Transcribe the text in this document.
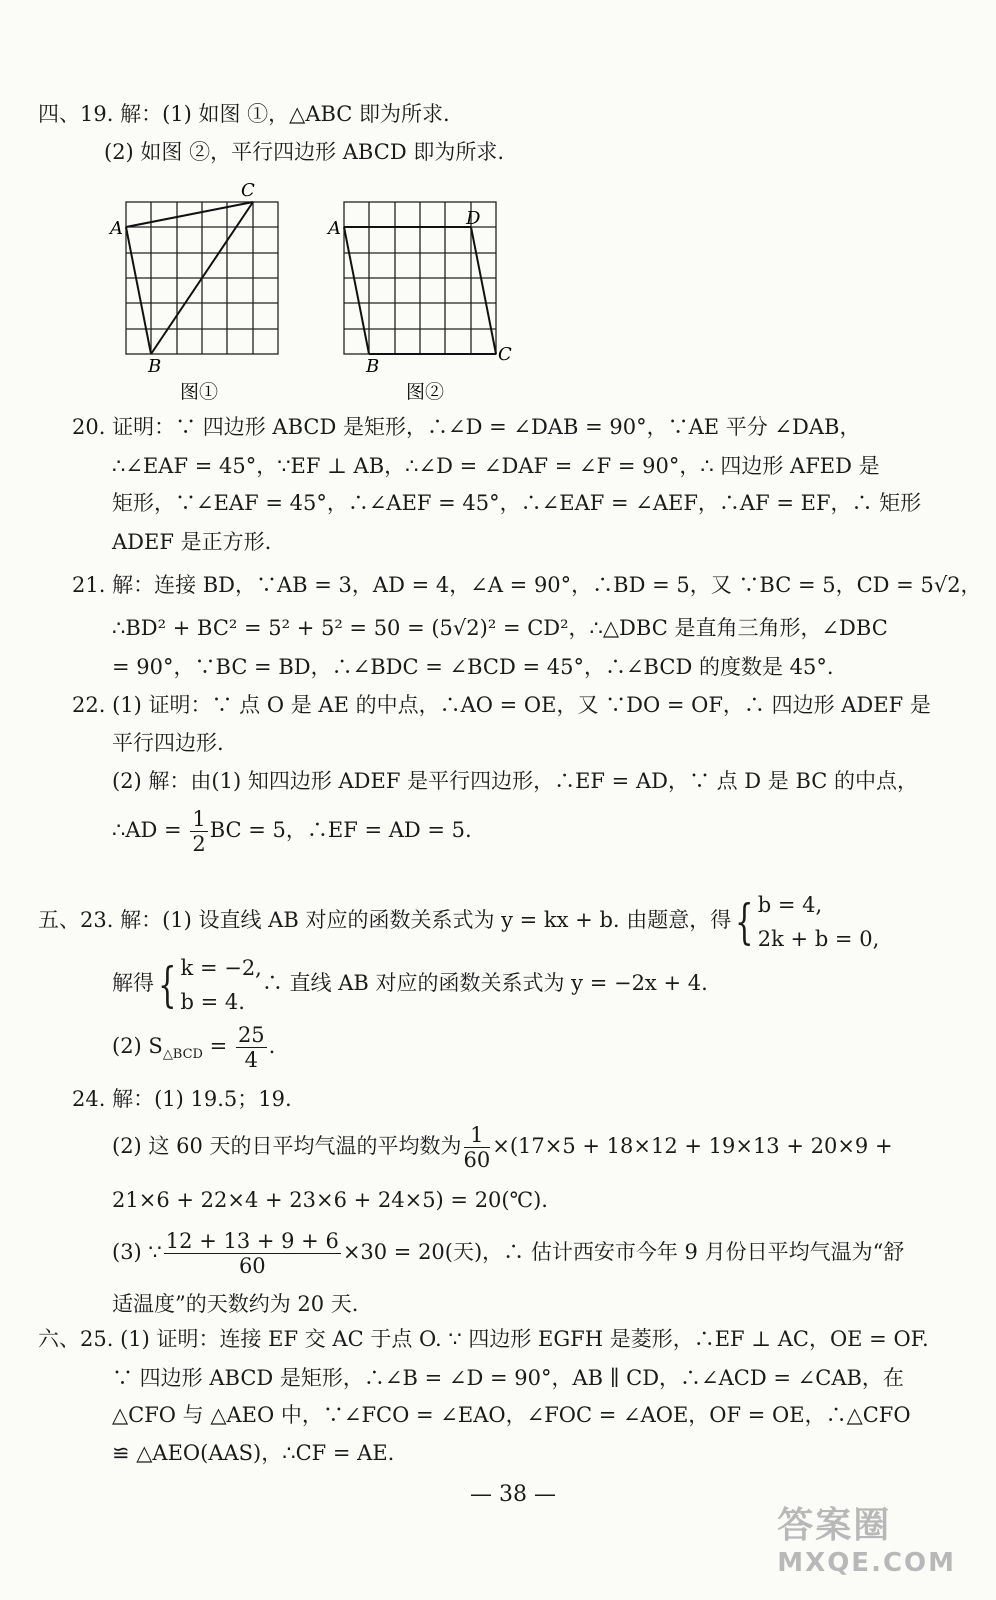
四、19. 解：(1) 如图 ①，△ABC 即为所求.
(2) 如图 ②，平行四边形 ABCD 即为所求.
A
C
B
图①
A	D
B
C
图②
20. 证明：∵ 四边形 ABCD 是矩形，∴∠D = ∠DAB = 90°，∵AE 平分 ∠DAB，
∴∠EAF = 45°，∵EF ⊥ AB，∴∠D = ∠DAF = ∠F = 90°，∴ 四边形 AFED 是
矩形，∵∠EAF = 45°，∴∠AEF = 45°，∴∠EAF = ∠AEF，∴AF = EF，∴ 矩形
ADEF 是正方形.
21. 解：连接 BD，∵AB = 3，AD = 4，∠A = 90°，∴BD = 5，又 ∵BC = 5，CD = 5√2，
∴BD² + BC² = 5² + 5² = 50 = (5√2)² = CD²，∴△DBC 是直角三角形，∠DBC
= 90°，∵BC = BD，∴∠BDC = ∠BCD = 45°，∴∠BCD 的度数是 45°.
22. (1) 证明：∵ 点 O 是 AE 的中点，∴AO = OE，又 ∵DO = OF，∴ 四边形 ADEF 是
平行四边形.
(2) 解：由(1) 知四边形 ADEF 是平行四边形，∴EF = AD，∵ 点 D 是 BC 的中点，
∴AD = $\frac{1}{2}$ BC = 5，∴EF = AD = 5.
五、23. 解：(1) 设直线 AB 对应的函数关系式为 y = kx + b. 由题意，得{ b = 4,
2k + b = 0,
解得{ k = −2,
b = 4.
∴ 直线 AB 对应的函数关系式为 y = −2x + 4.
(2) $S_{\triangle BCD} = \frac{25}{4}$ .
24. 解：(1) 19.5；19.
(2) 这 60 天的日平均气温的平均数为 $\frac{1}{60} \times(17\times 5 + 18\times 12 + 19\times 13 + 20\times 9$ +
21×6 + 22×4 + 23×6 + 24×5) = 20(℃).
(3) ∵ $\frac{12 + 13 + 9 + 6}{60} \times 30 = 20$(天)，∴ 估计西安市今年 9 月份日平均气温为“舒
适温度”的天数约为 20 天.
六、25. (1) 证明：连接 EF 交 AC 于点 O. ∵ 四边形 EGFH 是菱形，∴EF ⊥ AC，OE = OF.
∵ 四边形 ABCD 是矩形，∴∠B = ∠D = 90°，AB ∥ CD，∴∠ACD = ∠CAB，在
△CFO 与 △AEO 中，∵∠FCO = ∠EAO，∠FOC = ∠AOE，OF = OE，∴△CFO
≌ △AEO(AAS)，∴CF = AE.
— 38 —
答案圈
MXQE.COM
